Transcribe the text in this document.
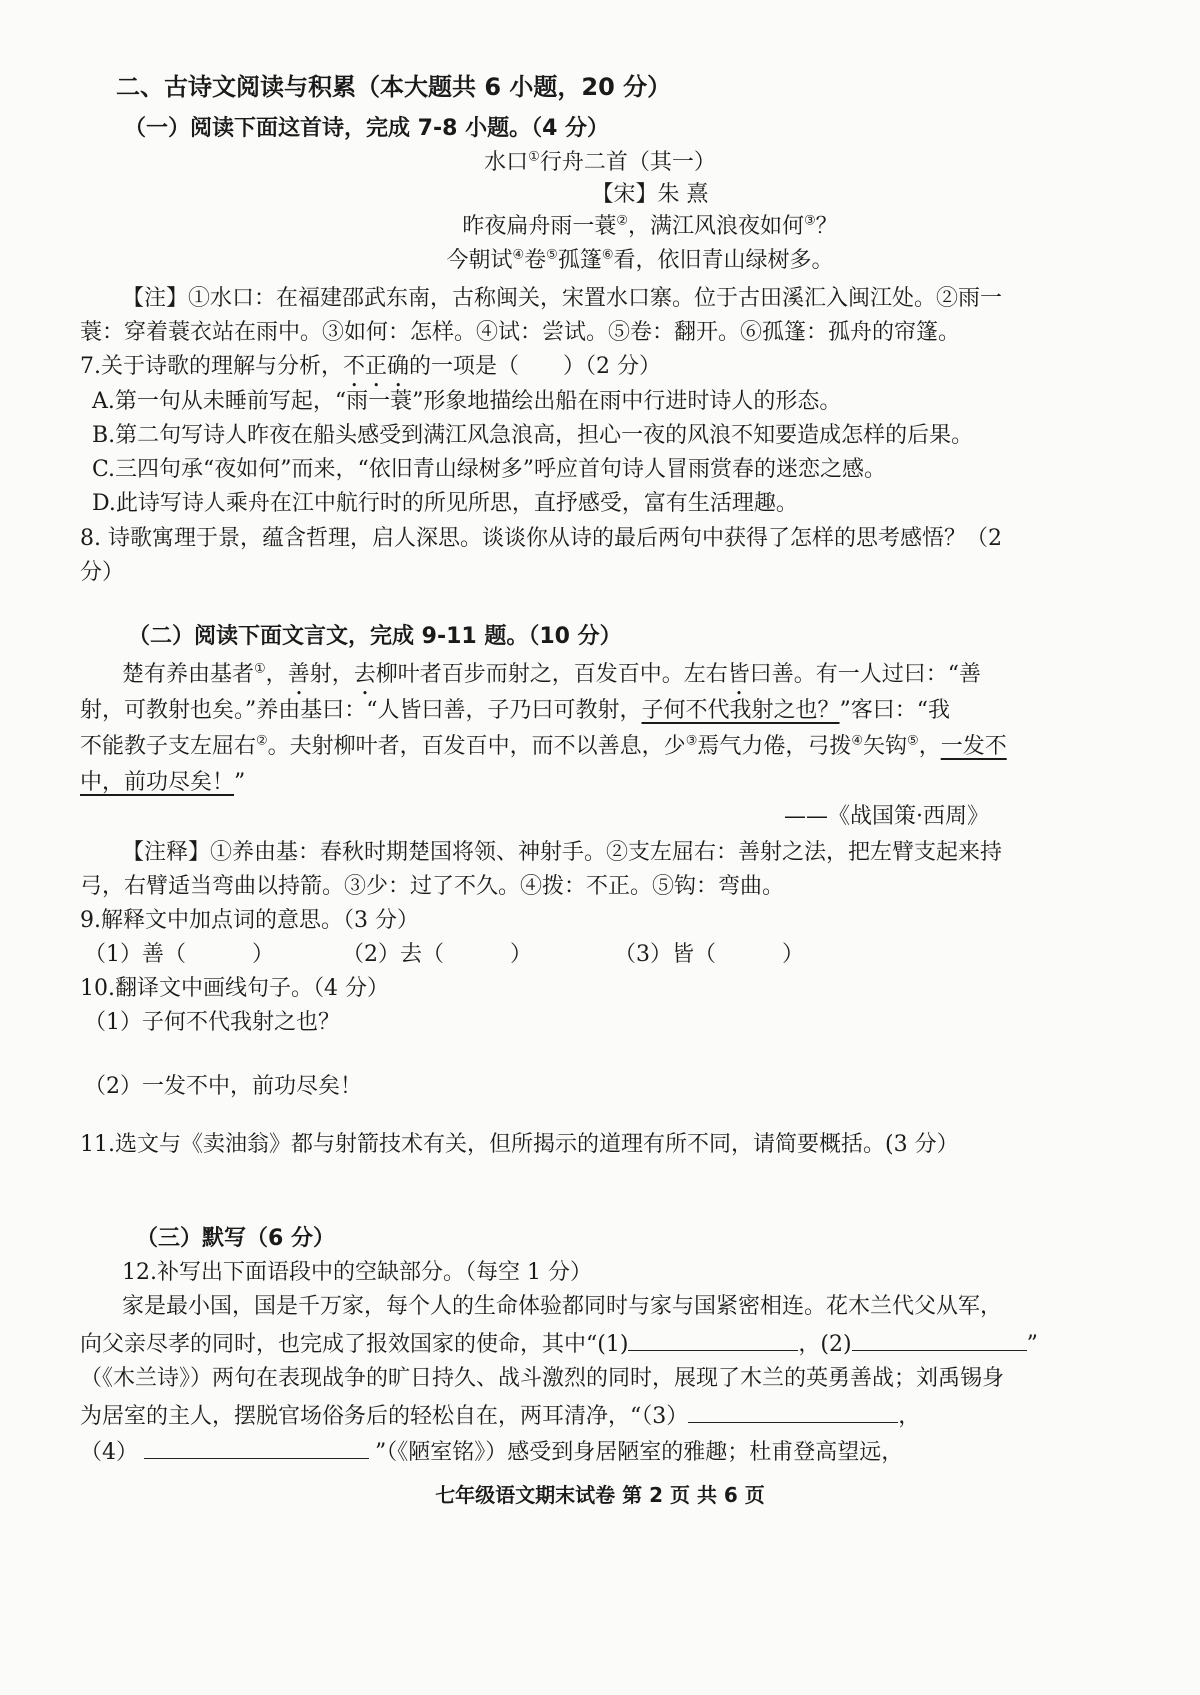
二、古诗文阅读与积累（本大题共 6 小题，20 分）
（一）阅读下面这首诗，完成 7-8 小题。（4 分）
水口①行舟二首（其一）
【宋】朱 熹
昨夜扁舟雨一蓑②，满江风浪夜如何③？
今朝试④卷⑤孤篷⑥看，依旧青山绿树多。
【注】①水口：在福建邵武东南，古称闽关，宋置水口寨。位于古田溪汇入闽江处。②雨一
蓑：穿着蓑衣站在雨中。③如何：怎样。④试：尝试。⑤卷：翻开。⑥孤篷：孤舟的帘篷。
7.关于诗歌的理解与分析，不正确的一项是（　　）（2 分）
A.第一句从未睡前写起，“雨一蓑”形象地描绘出船在雨中行进时诗人的形态。
B.第二句写诗人昨夜在船头感受到满江风急浪高，担心一夜的风浪不知要造成怎样的后果。
C.三四句承“夜如何”而来，“依旧青山绿树多”呼应首句诗人冒雨赏春的迷恋之感。
D.此诗写诗人乘舟在江中航行时的所见所思，直抒感受，富有生活理趣。
8. 诗歌寓理于景，蕴含哲理，启人深思。谈谈你从诗的最后两句中获得了怎样的思考感悟？（2
分）
（二）阅读下面文言文，完成 9-11 题。（10 分）
楚有养由基者①，善射，去柳叶者百步而射之，百发百中。左右皆曰善。有一人过曰：“善
射，可教射也矣。”养由基曰：“人皆曰善，子乃曰可教射，子何不代我射之也？”客曰：“我
不能教子支左屈右②。夫射柳叶者，百发百中，而不以善息，少③焉气力倦，弓拨④矢钩⑤，一发不
中，前功尽矣！”
——《战国策·西周》
【注释】①养由基：春秋时期楚国将领、神射手。②支左屈右：善射之法，把左臂支起来持
弓，右臂适当弯曲以持箭。③少：过了不久。④拨：不正。⑤钩：弯曲。
9.解释文中加点词的意思。（3 分）
（1）善（　　　）	（2）去（　　　）	（3）皆（　　　）
10.翻译文中画线句子。（4 分）
（1）子何不代我射之也？
（2）一发不中，前功尽矣！
11.选文与《卖油翁》都与射箭技术有关，但所揭示的道理有所不同，请简要概括。(3 分）
（三）默写（6 分）
12.补写出下面语段中的空缺部分。（每空 1 分）
家是最小国，国是千万家，每个人的生命体验都同时与家与国紧密相连。花木兰代父从军，
向父亲尽孝的同时，也完成了报效国家的使命，其中“(1)	，(2)	”
（《木兰诗》）两句在表现战争的旷日持久、战斗激烈的同时，展现了木兰的英勇善战；刘禹锡身
为居室的主人，摆脱官场俗务后的轻松自在，两耳清净，“（3）	，
（4）	”（《陋室铭》）感受到身居陋室的雅趣；杜甫登高望远，
七年级语文期末试卷 第 2 页 共 6 页
